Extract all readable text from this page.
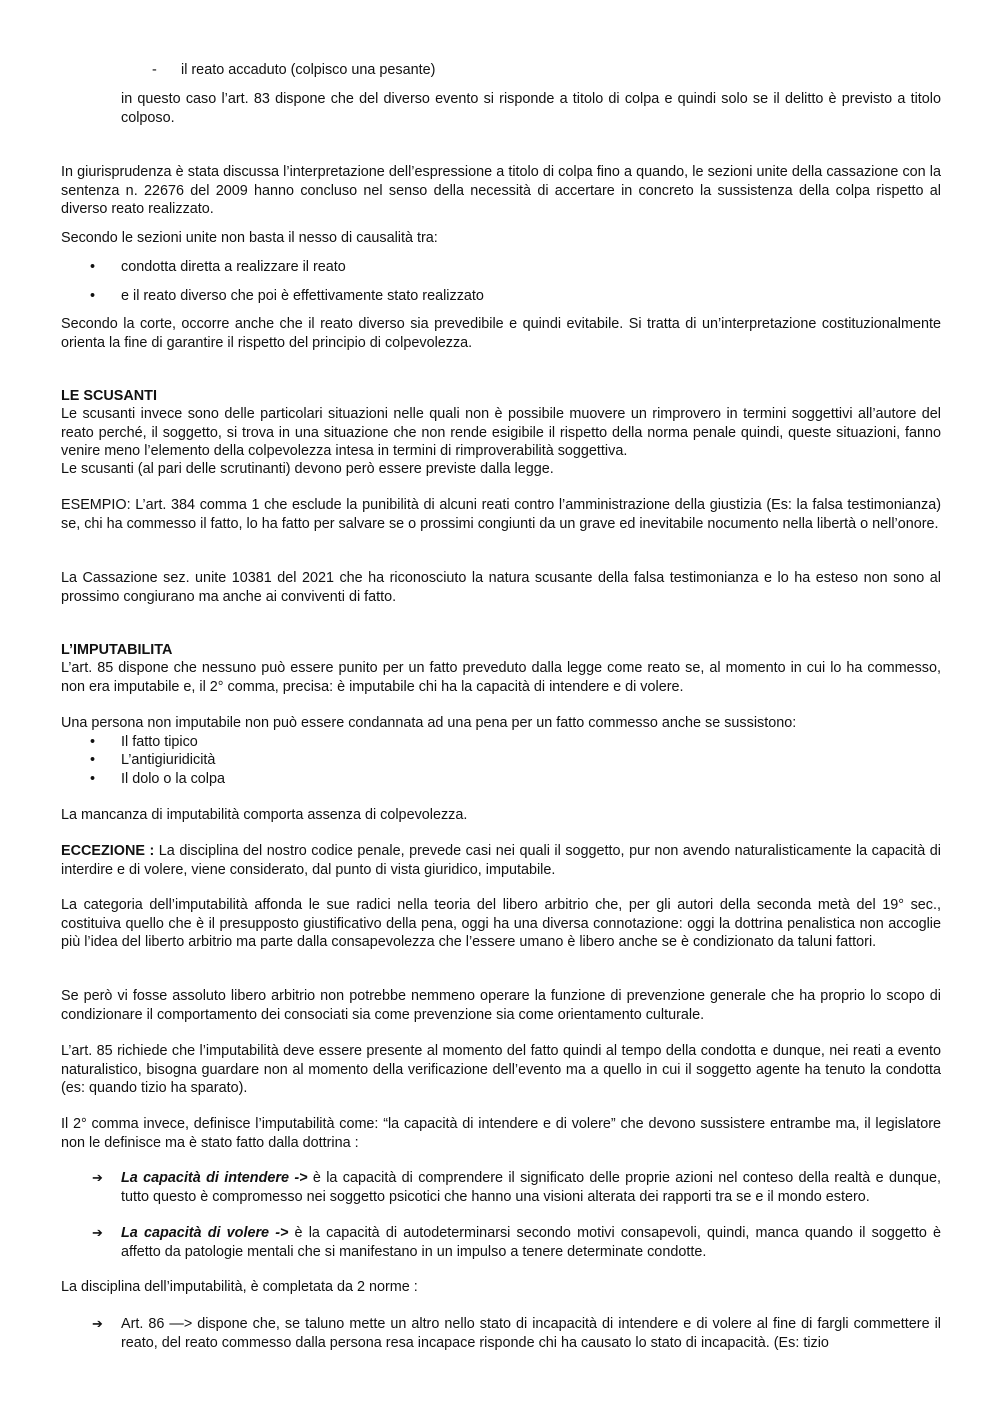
- il reato accaduto (colpisco una pesante)

in questo caso l’art. 83 dispone che del diverso evento si risponde a titolo di colpa e quindi solo se il delitto è previsto a titolo colposo.

In giurisprudenza è stata discussa l’interpretazione dell’espressione a titolo di colpa fino a quando, le sezioni unite della cassazione con la sentenza n. 22676 del 2009 hanno concluso nel senso della necessità di accertare in concreto la sussistenza della colpa rispetto al diverso reato realizzato.

Secondo le sezioni unite non basta il nesso di causalità tra:

• condotta diretta a realizzare il reato
• e il reato diverso che poi è effettivamente stato realizzato

Secondo la corte, occorre anche che il reato diverso sia prevedibile e quindi evitabile. Si tratta di un’interpretazione costituzionalmente orienta la fine di garantire il rispetto del principio di colpevolezza.

LE SCUSANTI

Le scusanti invece sono delle particolari situazioni nelle quali non è possibile muovere un rimprovero in termini soggettivi all’autore del reato perché, il soggetto, si trova in una situazione che non rende esigibile il rispetto della norma penale quindi, queste situazioni, fanno venire meno l’elemento della colpevolezza intesa in termini di rimproverabilità soggettiva.

Le scusanti (al pari delle scrutinanti) devono però essere previste dalla legge.

ESEMPIO: L’art. 384 comma 1 che esclude la punibilità di alcuni reati contro l’amministrazione della giustizia (Es: la falsa testimonianza) se, chi ha commesso il fatto, lo ha fatto per salvare se o prossimi congiunti da un grave ed inevitabile nocumento nella libertà o nell’onore.

La Cassazione sez. unite 10381 del 2021 che ha riconosciuto la natura scusante della falsa testimonianza e lo ha esteso non sono al prossimo congiurano ma anche ai conviventi di fatto.

L’IMPUTABILITA

L’art. 85 dispone che nessuno può essere punito per un fatto preveduto dalla legge come reato se, al momento in cui lo ha commesso, non era imputabile e, il 2° comma, precisa: è imputabile chi ha la capacità di intendere e di volere.

Una persona non imputabile non può essere condannata ad una pena per un fatto commesso anche se sussistono:

• Il fatto tipico
• L’antigiuridicità
• Il dolo o la colpa

La mancanza di imputabilità comporta assenza di colpevolezza.

ECCEZIONE : La disciplina del nostro codice penale, prevede casi nei quali il soggetto, pur non avendo naturalisticamente la capacità di interdire e di volere, viene considerato, dal punto di vista giuridico, imputabile.

La categoria dell’imputabilità affonda le sue radici nella teoria del libero arbitrio che, per gli autori della seconda metà del 19° sec., costituiva quello che è il presupposto giustificativo della pena, oggi ha una diversa connotazione: oggi la dottrina penalistica non accoglie più l’idea del liberto arbitrio ma parte dalla consapevolezza che l’essere umano è libero anche se è condizionato da taluni fattori.

Se però vi fosse assoluto libero arbitrio non potrebbe nemmeno operare la funzione di prevenzione generale che ha proprio lo scopo di condizionare il comportamento dei consociati sia come prevenzione sia come orientamento culturale.

L’art. 85 richiede che l’imputabilità deve essere presente al momento del fatto quindi al tempo della condotta e dunque, nei reati a evento naturalistico, bisogna guardare non al momento della verificazione dell’evento ma a quello in cui il soggetto agente ha tenuto la condotta (es: quando tizio ha sparato).

Il 2° comma invece, definisce l’imputabilità come: “la capacità di intendere e di volere” che devono sussistere entrambe ma, il legislatore non le definisce ma è stato fatto dalla dottrina :

➔ La capacità di intendere -> è la capacità di comprendere il significato delle proprie azioni nel conteso della realtà e dunque, tutto questo è compromesso nei soggetto psicotici che hanno una visioni alterata dei rapporti tra se e il mondo estero.
➔ La capacità di volere -> è la capacità di autodeterminarsi secondo motivi consapevoli, quindi, manca quando il soggetto è affetto da patologie mentali che si manifestano in un impulso a tenere determinate condotte.

La disciplina dell’imputabilità, è completata da 2 norme :

➔ Art. 86 —> dispone che, se taluno mette un altro nello stato di incapacità di intendere e di volere al fine di fargli commettere il reato, del reato commesso dalla persona resa incapace risponde chi ha causato lo stato di incapacità. (Es: tizio
